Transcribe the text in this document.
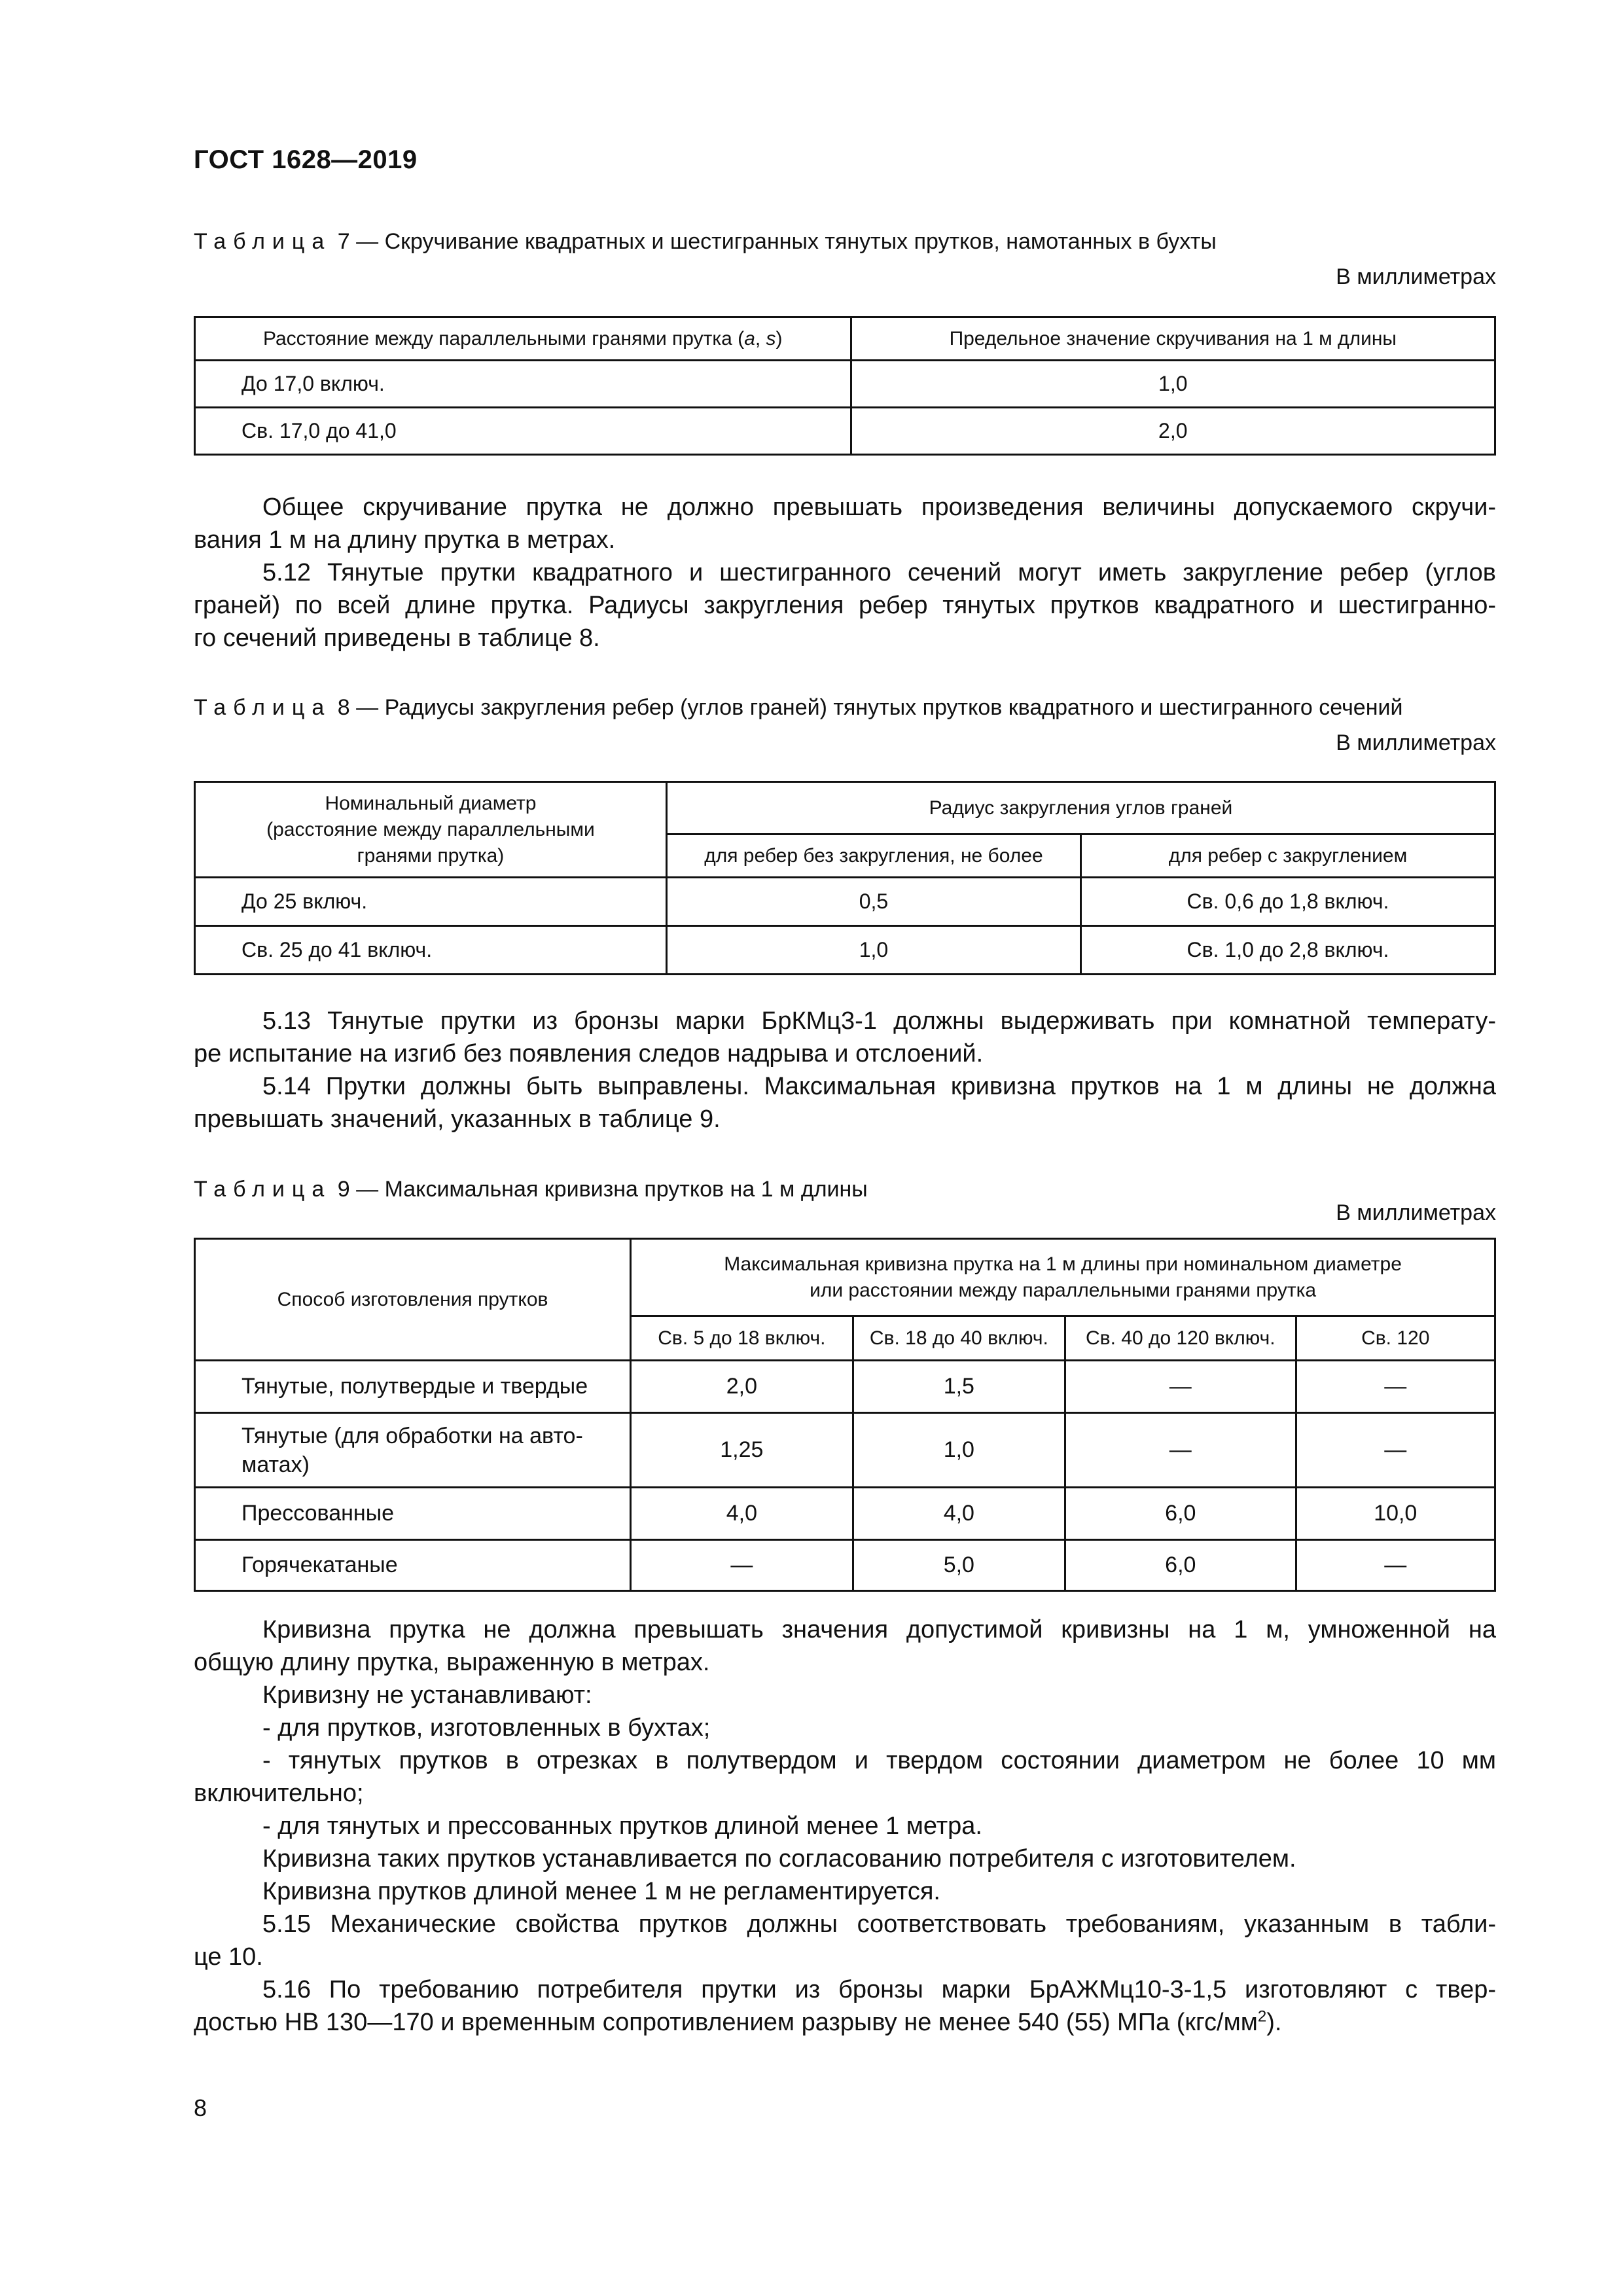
ГОСТ 1628—2019
Таблица 7 — Скручивание квадратных и шестигранных тянутых прутков, намотанных в бухты
В миллиметрах
Расстояние между параллельными гранями прутка (a, s)	Предельное значение скручивания на 1 м длины
До 17,0 включ.	1,0
Св. 17,0 до 41,0	2,0

Общее скручивание прутка не должно превышать произведения величины допускаемого скручи-

вания 1 м на длину прутка в метрах.

5.12 Тянутые прутки квадратного и шестигранного сечений могут иметь закругление ребер (углов

граней) по всей длине прутка. Радиусы закругления ребер тянутых прутков квадратного и шестигранно-

го сечений приведены в таблице 8.

Таблица 8 — Радиусы закругления ребер (углов граней) тянутых прутков квадратного и шестигранного сечений
В миллиметрах
Номинальный диаметр
(расстояние между параллельными
гранями прутка)	Радиус закругления углов граней	
	для ребер без закругления, не более	для ребер с закруглением
До 25 включ.	0,5	Св. 0,6 до 1,8 включ.
Св. 25 до 41 включ.	1,0	Св. 1,0 до 2,8 включ.

5.13 Тянутые прутки из бронзы марки БрКМц3-1 должны выдерживать при комнатной температу-

ре испытание на изгиб без появления следов надрыва и отслоений.

5.14 Прутки должны быть выправлены. Максимальная кривизна прутков на 1 м длины не должна

превышать значений, указанных в таблице 9.

Таблица 9 — Максимальная кривизна прутков на 1 м длины
В миллиметрах
Способ изготовления прутков	Максимальная кривизна прутка на 1 м длины при номинальном диаметре
или расстоянии между параллельными гранями прутка			
	Св. 5 до 18 включ.	Св. 18 до 40 включ.	Св. 40 до 120 включ.	Св. 120
Тянутые, полутвердые и твердые	2,0	1,5	—	—
Тянутые (для обработки на авто-
матах)	1,25	1,0	—	—
Прессованные	4,0	4,0	6,0	10,0
Горячекатаные	—	5,0	6,0	—

Кривизна прутка не должна превышать значения допустимой кривизны на 1 м, умноженной на

общую длину прутка, выраженную в метрах.

Кривизну не устанавливают:

- для прутков, изготовленных в бухтах;

- тянутых прутков в отрезках в полутвердом и твердом состоянии диаметром не более 10 мм

включительно;

- для тянутых и прессованных прутков длиной менее 1 метра.

Кривизна таких прутков устанавливается по согласованию потребителя с изготовителем.

Кривизна прутков длиной менее 1 м не регламентируется.

5.15 Механические свойства прутков должны соответствовать требованиям, указанным в табли-

це 10.

5.16 По требованию потребителя прутки из бронзы марки БрАЖМц10-3-1,5 изготовляют с твер-

достью НВ 130—170 и временным сопротивлением разрыву не менее 540 (55) МПа $(кгс/мм^2)$.

8
